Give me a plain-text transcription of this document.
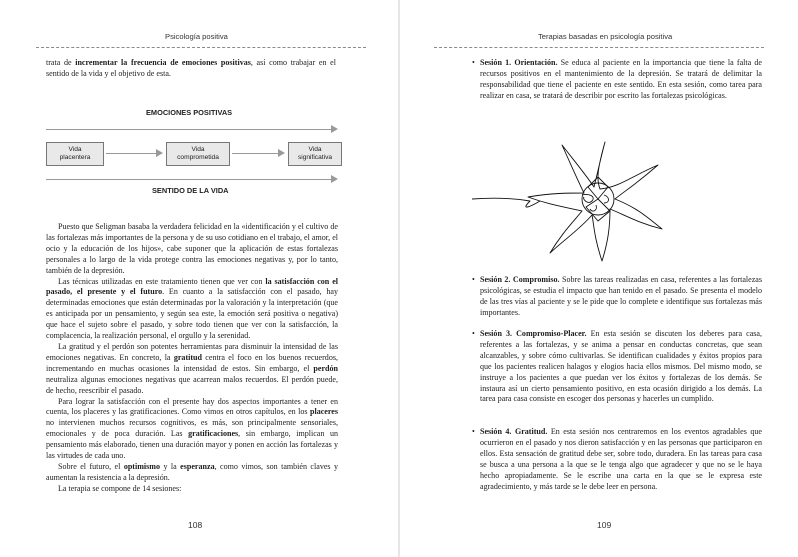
Psicología positiva

trata de incrementar la frecuencia de emociones positivas, así como trabajar en el sentido de la vida y el objetivo de esta.

EMOCIONES POSITIVAS
Vida
placentera
Vida
comprometida
Vida
significativa
SENTIDO DE LA VIDA

Puesto que Seligman basaba la verdadera felicidad en la «identificación y el cultivo de las fortalezas más importantes de la persona y de su uso cotidiano en el trabajo, el amor, el ocio y la educación de los hijos», cabe suponer que la aplicación de estas fortalezas personales a lo largo de la vida protege contra las emociones negativas y, por lo tanto, también de la depresión.

Las técnicas utilizadas en este tratamiento tienen que ver con la satisfacción con el pasado, el presente y el futuro. En cuanto a la satisfacción con el pasado, hay determinadas emociones que están determinadas por la valoración y la interpretación (que es anticipada por un pensamiento, y según sea este, la emoción será positiva o negativa) que hace el sujeto sobre el pasado, y sobre todo tienen que ver con la satisfacción, la complacencia, la realización personal, el orgullo y la serenidad.

La gratitud y el perdón son potentes herramientas para disminuir la intensidad de las emociones negativas. En concreto, la gratitud centra el foco en los buenos recuerdos, incrementando en muchas ocasiones la intensidad de estos. Sin embargo, el perdón neutraliza algunas emociones negativas que acarrean malos recuerdos. El perdón puede, de hecho, reescribir el pasado.

Para lograr la satisfacción con el presente hay dos aspectos importantes a tener en cuenta, los placeres y las gratificaciones. Como vimos en otros capítulos, en los placeres no intervienen muchos recursos cognitivos, es más, son principalmente sensoriales, emocionales y de poca duración. Las gratificaciones, sin embargo, implican un pensamiento más elaborado, tienen una duración mayor y ponen en acción las fortalezas y las virtudes de cada uno.

Sobre el futuro, el optimismo y la esperanza, como vimos, son también claves y aumentan la resistencia a la depresión.

La terapia se compone de 14 sesiones:

108
Terapias basadas en psicología positiva
• Sesión 1. Orientación. Se educa al paciente en la importancia que tiene la falta de recursos positivos en el mantenimiento de la depresión. Se tratará de delimitar la responsabilidad que tiene el paciente en este sentido. En esta sesión, como tarea para realizar en casa, se tratará de describir por escrito las fortalezas psicológicas.
• Sesión 2. Compromiso. Sobre las tareas realizadas en casa, referentes a las fortalezas psicológicas, se estudia el impacto que han tenido en el pasado. Se presenta el modelo de las tres vías al paciente y se le pide que lo complete e identifique sus fortalezas más importantes.
• Sesión 3. Compromiso-Placer. En esta sesión se discuten los deberes para casa, referentes a las fortalezas, y se anima a pensar en conductas concretas, que sean alcanzables, y sobre cómo cultivarlas. Se identifican cualidades y éxitos propios para que los pacientes realicen halagos y elogios hacia ellos mismos. Del mismo modo, se instruye a los pacientes a que puedan ver los éxitos y fortalezas de los demás. Se instaura así un cierto pensamiento positivo, en esta ocasión dirigido a los demás. La tarea para casa consiste en escoger dos personas y hacerles un cumplido.
• Sesión 4. Gratitud. En esta sesión nos centraremos en los eventos agradables que ocurrieron en el pasado y nos dieron satisfacción y en las personas que participaron en ellos. Esta sensación de gratitud debe ser, sobre todo, duradera. En las tareas para casa se busca a una persona a la que se le tenga algo que agradecer y que no se le haya hecho apropiadamente. Se le escribe una carta en la que se le expresa este agradecimiento, y más tarde se le debe leer en persona.
109
